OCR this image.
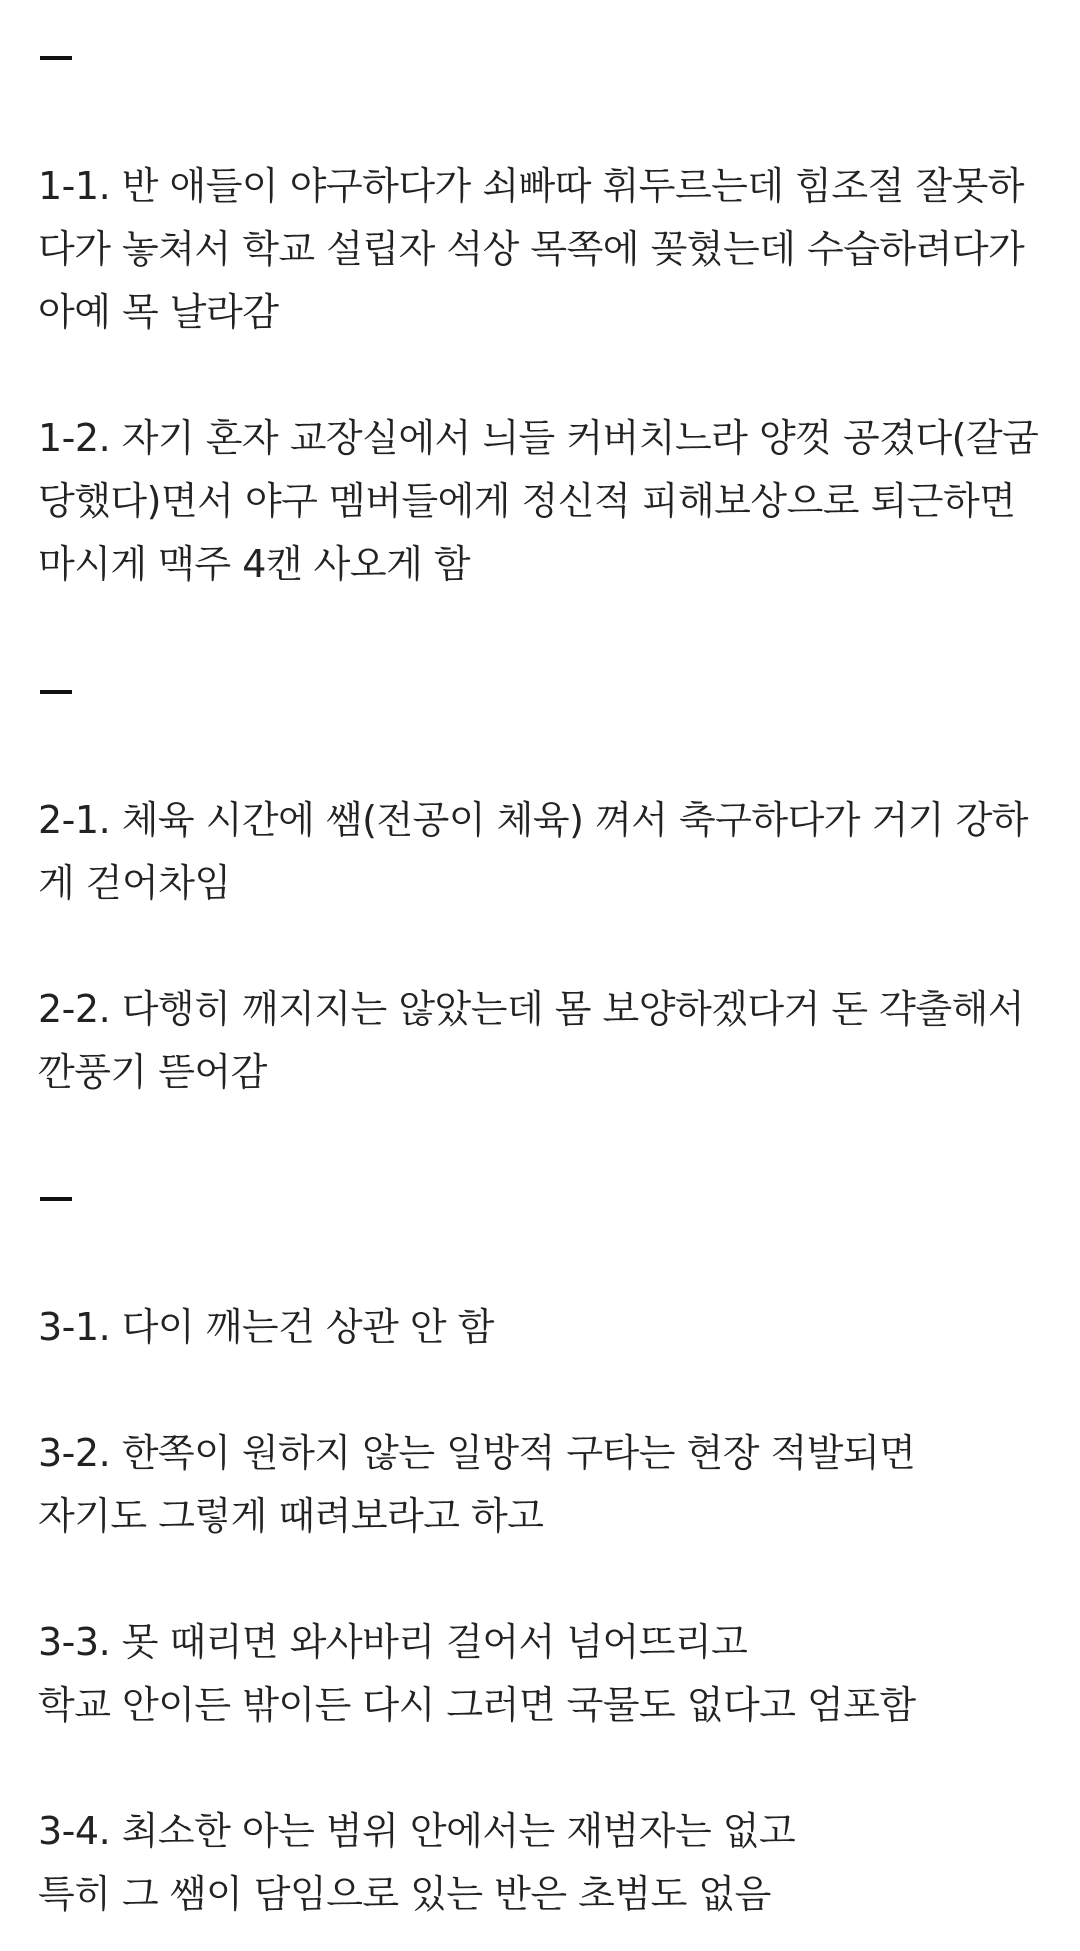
1-1. 반 애들이 야구하다가 쇠빠따 휘두르는데 힘조절 잘못하
다가 놓쳐서 학교 설립자 석상 목쪽에 꽂혔는데 수습하려다가
아예 목 날라감

1-2. 자기 혼자 교장실에서 늬들 커버치느라 양껏 공겼다(갈굼
당했다)면서 야구 멤버들에게 정신적 피해보상으로 퇴근하면
마시게 맥주 4캔 사오게 함

2-1. 체육 시간에 쌤(전공이 체육) 껴서 축구하다가 거기 강하
게 걷어차임

2-2. 다행히 깨지지는 않았는데 몸 보양하겠다거 돈 갹출해서
깐풍기 뜯어감

3-1. 다이 깨는건 상관 안 함

3-2. 한쪽이 원하지 않는 일방적 구타는 현장 적발되면
자기도 그렇게 때려보라고 하고

3-3. 못 때리면 와사바리 걸어서 넘어뜨리고
학교 안이든 밖이든 다시 그러면 국물도 없다고 엄포함

3-4. 최소한 아는 범위 안에서는 재범자는 없고
특히 그 쌤이 담임으로 있는 반은 초범도 없음
